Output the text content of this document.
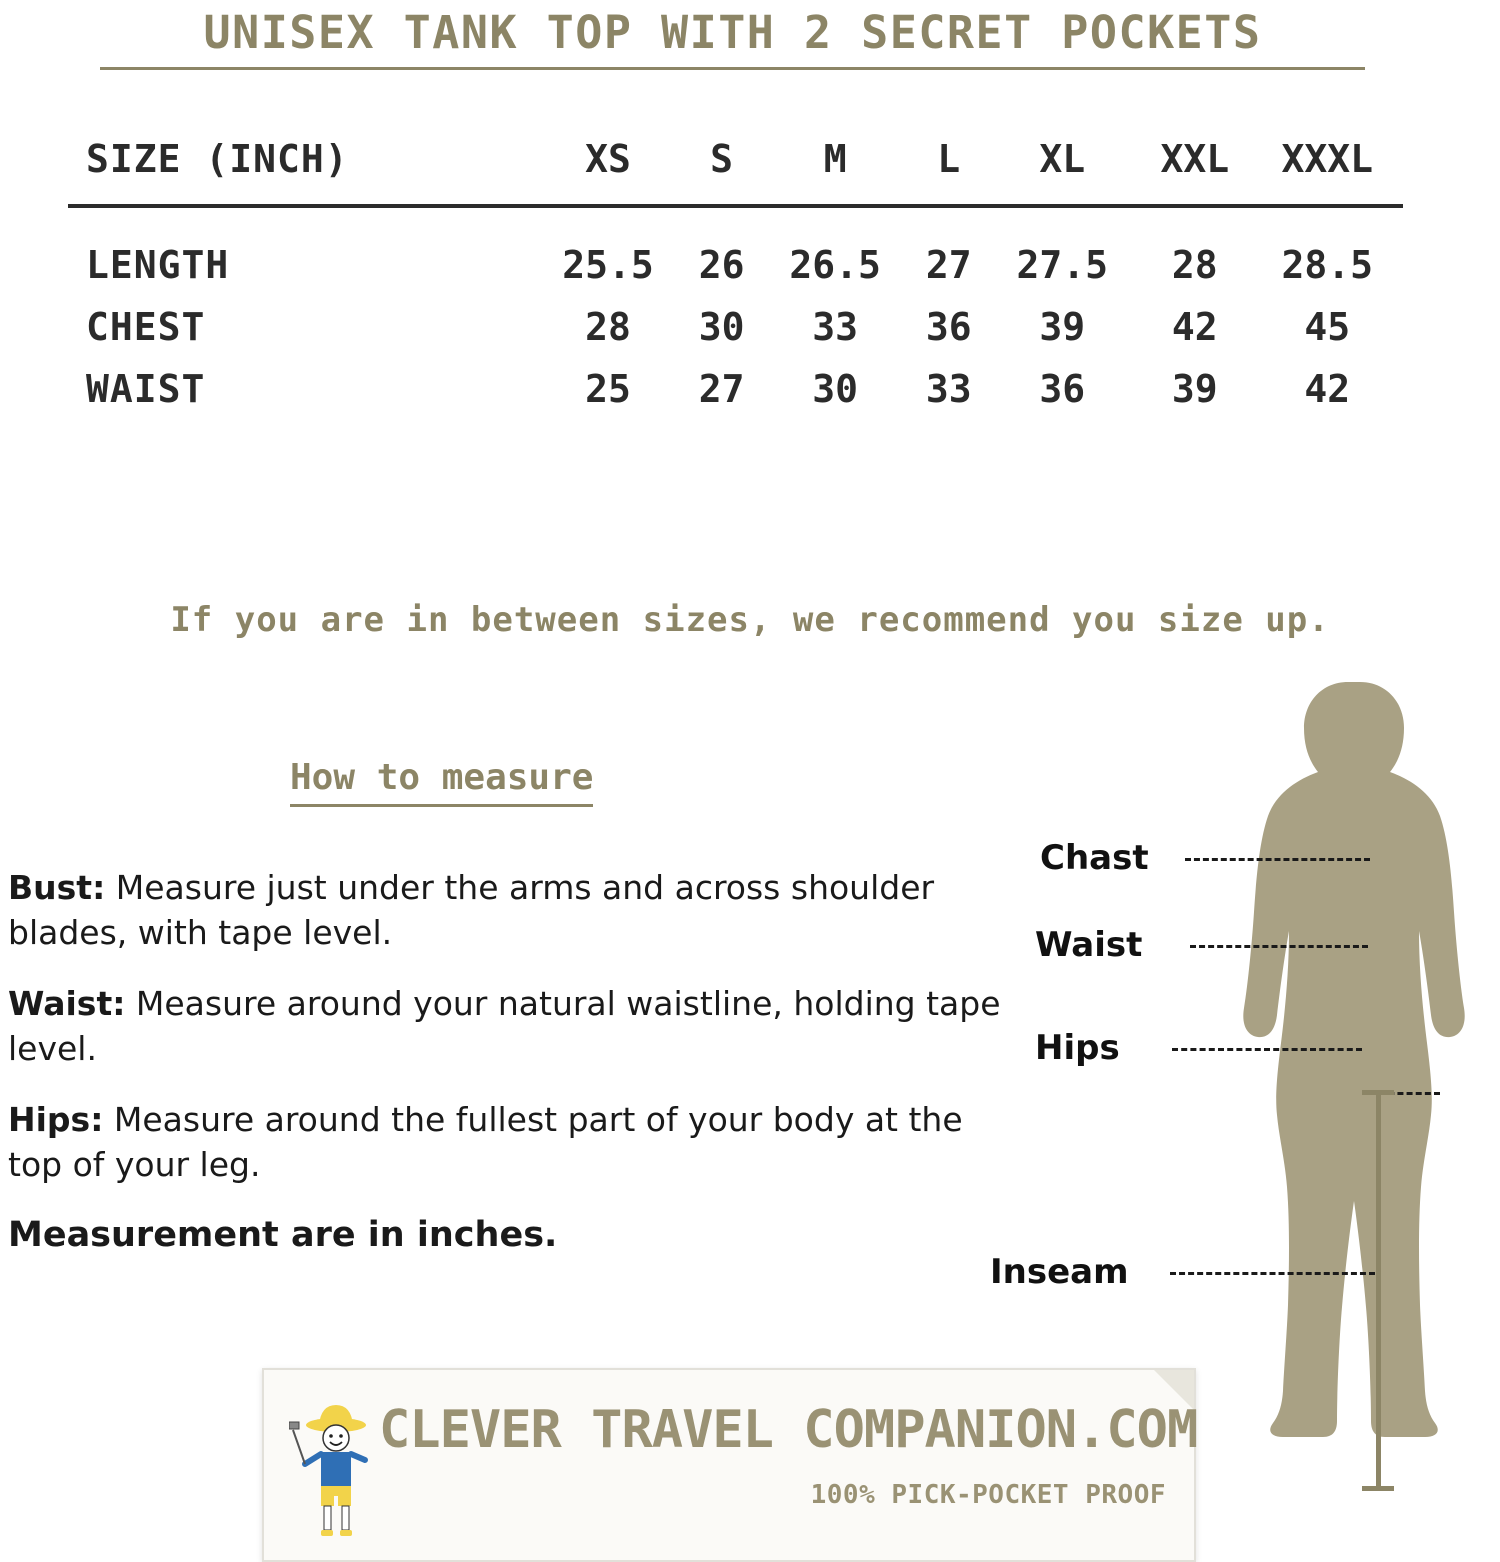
UNISEX TANK TOP WITH 2 SECRET POCKETS
SIZE (INCH)	XS	S	M	L	XL	XXL	XXXL
LENGTH	25.5	26	26.5	27	27.5	28	28.5
CHEST	28	30	33	36	39	42	45
WAIST	25	27	30	33	36	39	42
If you are in between sizes, we recommend you size up.
How to measure

Bust: Measure just under the arms and across shoulder blades, with tape level.

Waist: Measure around your natural waistline, holding tape level.

Hips: Measure around the fullest part of your body at the top of your leg.

Measurement are in inches.

Chast
Waist
Hips
Inseam
CLEVER TRAVEL COMPANION.COM
100% PICK-POCKET PROOF
